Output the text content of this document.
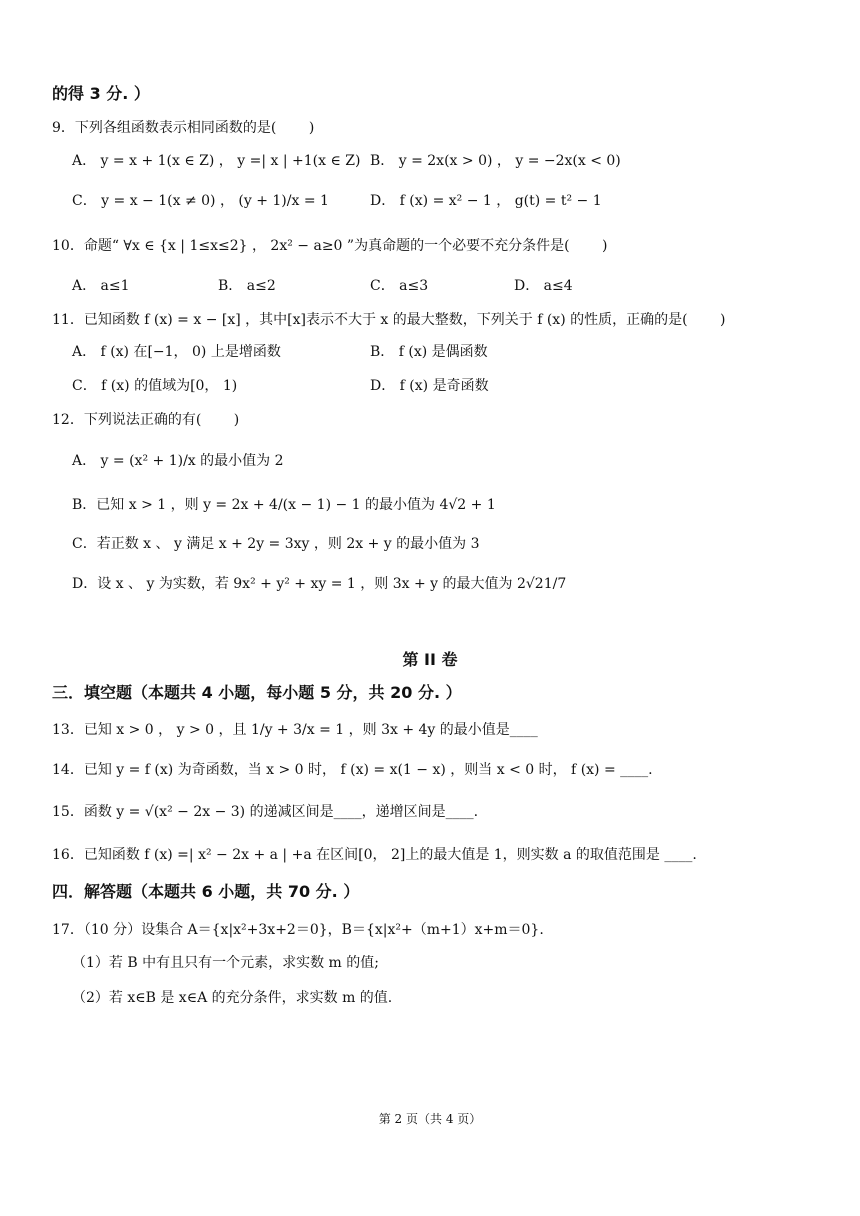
的得 3 分. ）
9．下列各组函数表示相同函数的是(　　 )
A． y = x + 1(x ∈ Z) ， y =| x | +1(x ∈ Z) B． y = 2x(x > 0) ， y = −2x(x < 0)
C． y = x − 1(x ≠ 0) ， (y + 1)/x = 1	D． f (x) = x² − 1 ， g(t) = t² − 1
10．命题“ ∀x ∈ {x | 1≤x≤2} ， 2x² − a≥0 ”为真命题的一个必要不充分条件是(　　 )
A． a≤1	B． a≤2	C． a≤3	D． a≤4
11．已知函数 f (x) = x − [x] ，其中[x]表示不大于 x 的最大整数，下列关于 f (x) 的性质，正确的是(　　 )
A． f (x) 在[−1， 0) 上是增函数	B． f (x) 是偶函数
C． f (x) 的值域为[0， 1)	D． f (x) 是奇函数
12．下列说法正确的有(　　 )
A． y = (x² + 1)/x 的最小值为 2
B．已知 x > 1 ，则 y = 2x + 4/(x − 1) − 1 的最小值为 4√2 + 1
C．若正数 x 、 y 满足 x + 2y = 3xy ，则 2x + y 的最小值为 3
D．设 x 、 y 为实数，若 9x² + y² + xy = 1 ，则 3x + y 的最大值为 2√21/7
第 II 卷
三．填空题（本题共 4 小题，每小题 5 分，共 20 分. ）
13．已知 x > 0 ， y > 0 ，且 1/y + 3/x = 1 ，则 3x + 4y 的最小值是____
14．已知 y = f (x) 为奇函数，当 x > 0 时， f (x) = x(1 − x) ，则当 x < 0 时， f (x) = ____.
15．函数 y = √(x² − 2x − 3) 的递减区间是____，递增区间是____.
16．已知函数 f (x) =| x² − 2x + a | +a 在区间[0， 2]上的最大值是 1，则实数 a 的取值范围是 ____.
四．解答题（本题共 6 小题，共 70 分. ）
17．（10 分）设集合 A＝{x|x²+3x+2＝0}，B＝{x|x²+（m+1）x+m＝0}.
（1）若 B 中有且只有一个元素，求实数 m 的值;
（2）若 x∈B 是 x∈A 的充分条件，求实数 m 的值.
第 2 页（共 4 页）
